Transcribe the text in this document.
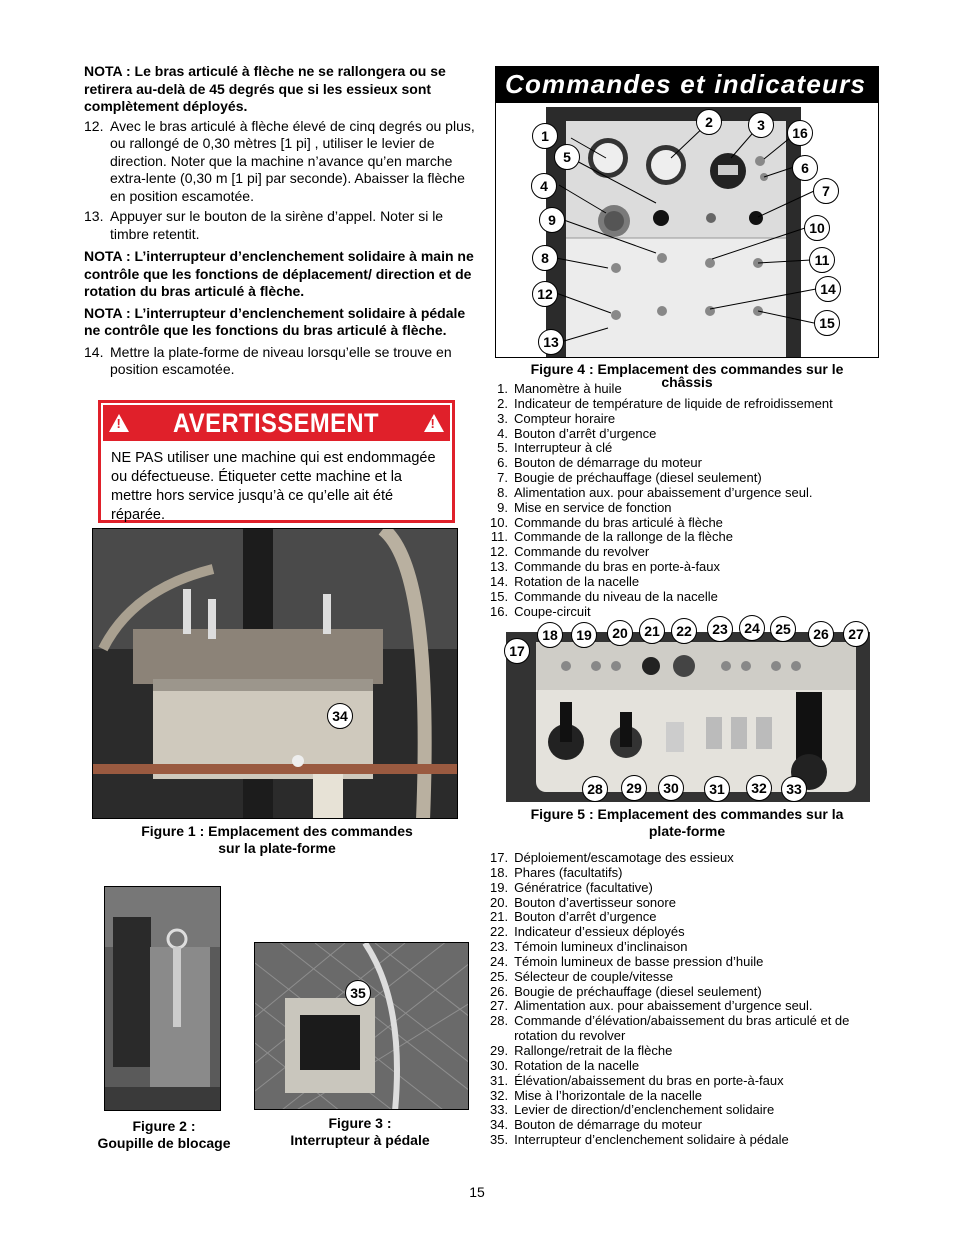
NOTA : Le bras articulé à flèche ne se rallongera ou se retirera au-delà de 45 degrés que si les essieux sont complètement déployés.

12. Avec le bras articulé à flèche élevé de cinq degrés ou plus, ou rallongé de 0,30 mètres [1 pi] , utiliser le levier de direction. Noter que la machine n’avance qu’en marche extra-lente (0,30 m [1 pi] par seconde). Abaisser la flèche en position escamotée.
13. Appuyer sur le bouton de la sirène d’appel. Noter si le timbre retentit.

NOTA : L’interrupteur d’enclenchement solidaire à main ne contrôle que les fonctions de déplacement/ direction et de rotation du bras articulé à flèche.

NOTA : L’interrupteur d’enclenchement solidaire à pédale ne contrôle que les fonctions du bras articulé à flèche.

14. Mettre la plate-forme de niveau lorsqu’elle se trouve en position escamotée.
!
AVERTISSEMENT
!

NE PAS utiliser une machine qui est endommagée ou défectueuse. Étiqueter cette machine et la mettre hors service jusqu’à ce qu’elle ait été réparée.

34
Figure 1 : Emplacement des commandes
sur la plate-forme
Figure 2 :
Goupille de blocage
35
Figure 3 :
Interrupteur à pédale
Commandes et indicateurs
1
2	3	16
5
6
4	7
9	10
8	11
12	14
15
13
Figure 4 : Emplacement des commandes sur le
châssis
1. Manomètre à huile
2. Indicateur de température de liquide de refroidissement
3. Compteur horaire
4. Bouton d’arrêt d’urgence
5. Interrupteur à clé
6. Bouton de démarrage du moteur
7. Bougie de préchauffage (diesel seulement)
8. Alimentation aux. pour abaissement d’urgence seul.
9. Mise en service de fonction
10. Commande du bras articulé à flèche
11. Commande de la rallonge de la flèche
12. Commande du revolver
13. Commande du bras en porte-à-faux
14. Rotation de la nacelle
15. Commande du niveau de la nacelle
16. Coupe-circuit
17
18	19	20	21	22	23	24	25	26	27
28	29	30	31	32	33
Figure 5 : Emplacement des commandes sur la
plate-forme
17. Déploiement/escamotage des essieux
18. Phares (facultatifs)
19. Génératrice (facultative)
20. Bouton d’avertisseur sonore
21. Bouton d’arrêt d’urgence
22. Indicateur d’essieux déployés
23. Témoin lumineux d’inclinaison
24. Témoin lumineux de basse pression d’huile
25. Sélecteur de couple/vitesse
26. Bougie de préchauffage (diesel seulement)
27. Alimentation aux. pour abaissement d’urgence seul.
28. Commande d’élévation/abaissement du bras articulé et de rotation du revolver
29. Rallonge/retrait de la flèche
30. Rotation de la nacelle
31. Élévation/abaissement du bras en porte-à-faux
32. Mise à l’horizontale de la nacelle
33. Levier de direction/d’enclenchement solidaire
34. Bouton de démarrage du moteur
35. Interrupteur d’enclenchement solidaire à pédale
15
